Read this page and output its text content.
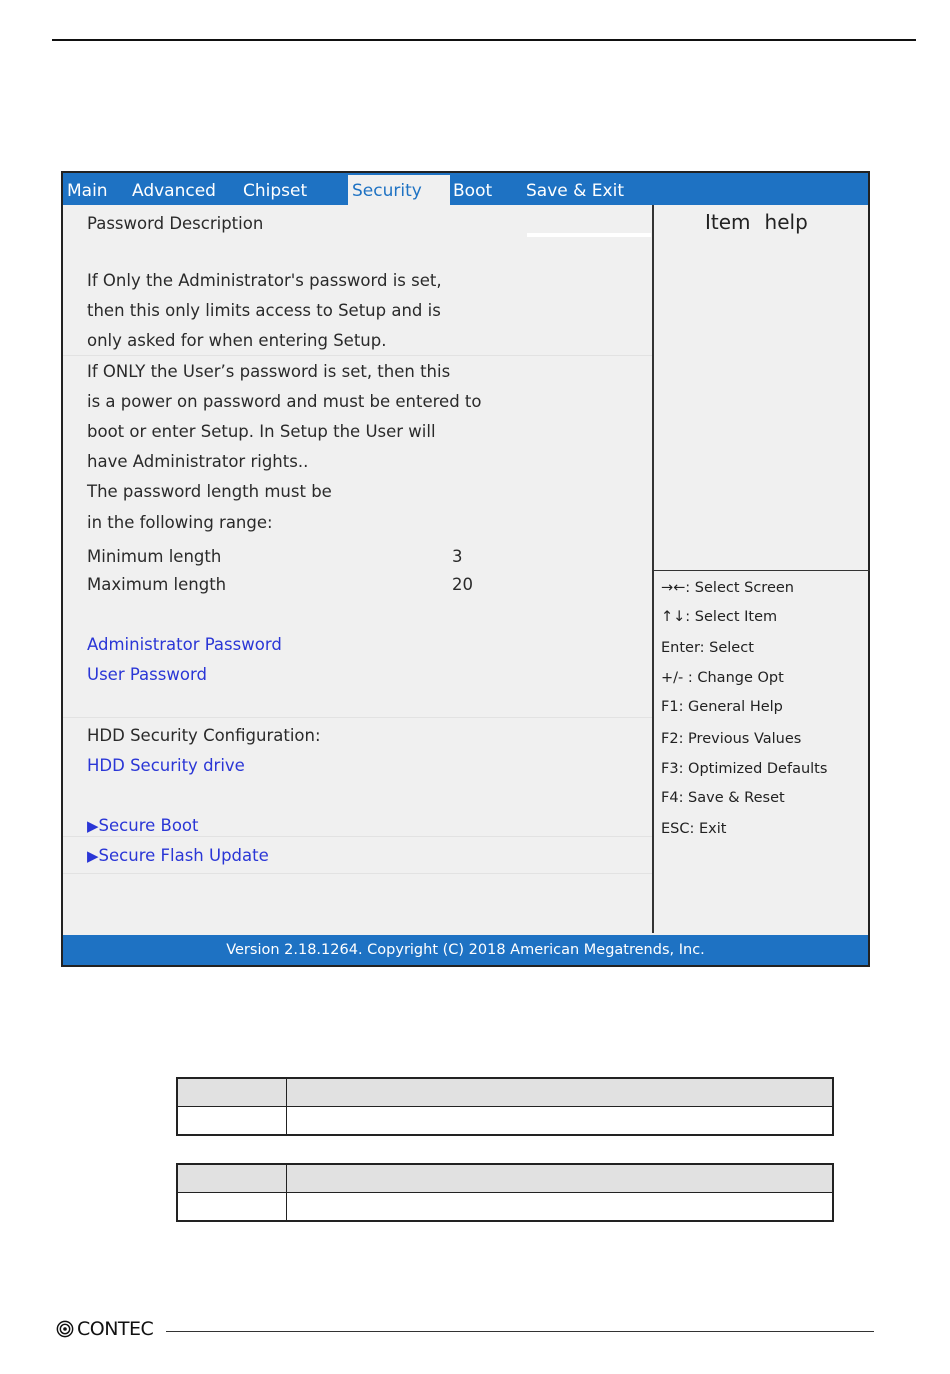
Main Advanced Chipset	Security	Boot Save & Exit
Password Description
If Only the Administrator's password is set,
then this only limits access to Setup and is
only asked for when entering Setup.
If ONLY the User’s password is set, then this
is a power on password and must be entered to
boot or enter Setup. In Setup the User will
have Administrator rights..
The password length must be
in the following range:
Minimum length	3
Maximum length	20
Administrator Password
User Password
HDD Security Configuration:
HDD Security drive
▶Secure Boot
▶Secure Flash Update
Item help
→←: Select Screen
↑↓: Select Item
Enter: Select
+/- : Change Opt
F1: General Help
F2: Previous Values
F3: Optimized Defaults
F4: Save & Reset
ESC: Exit
Version 2.18.1264. Copyright (C) 2018 American Megatrends, Inc.
CONTEC
